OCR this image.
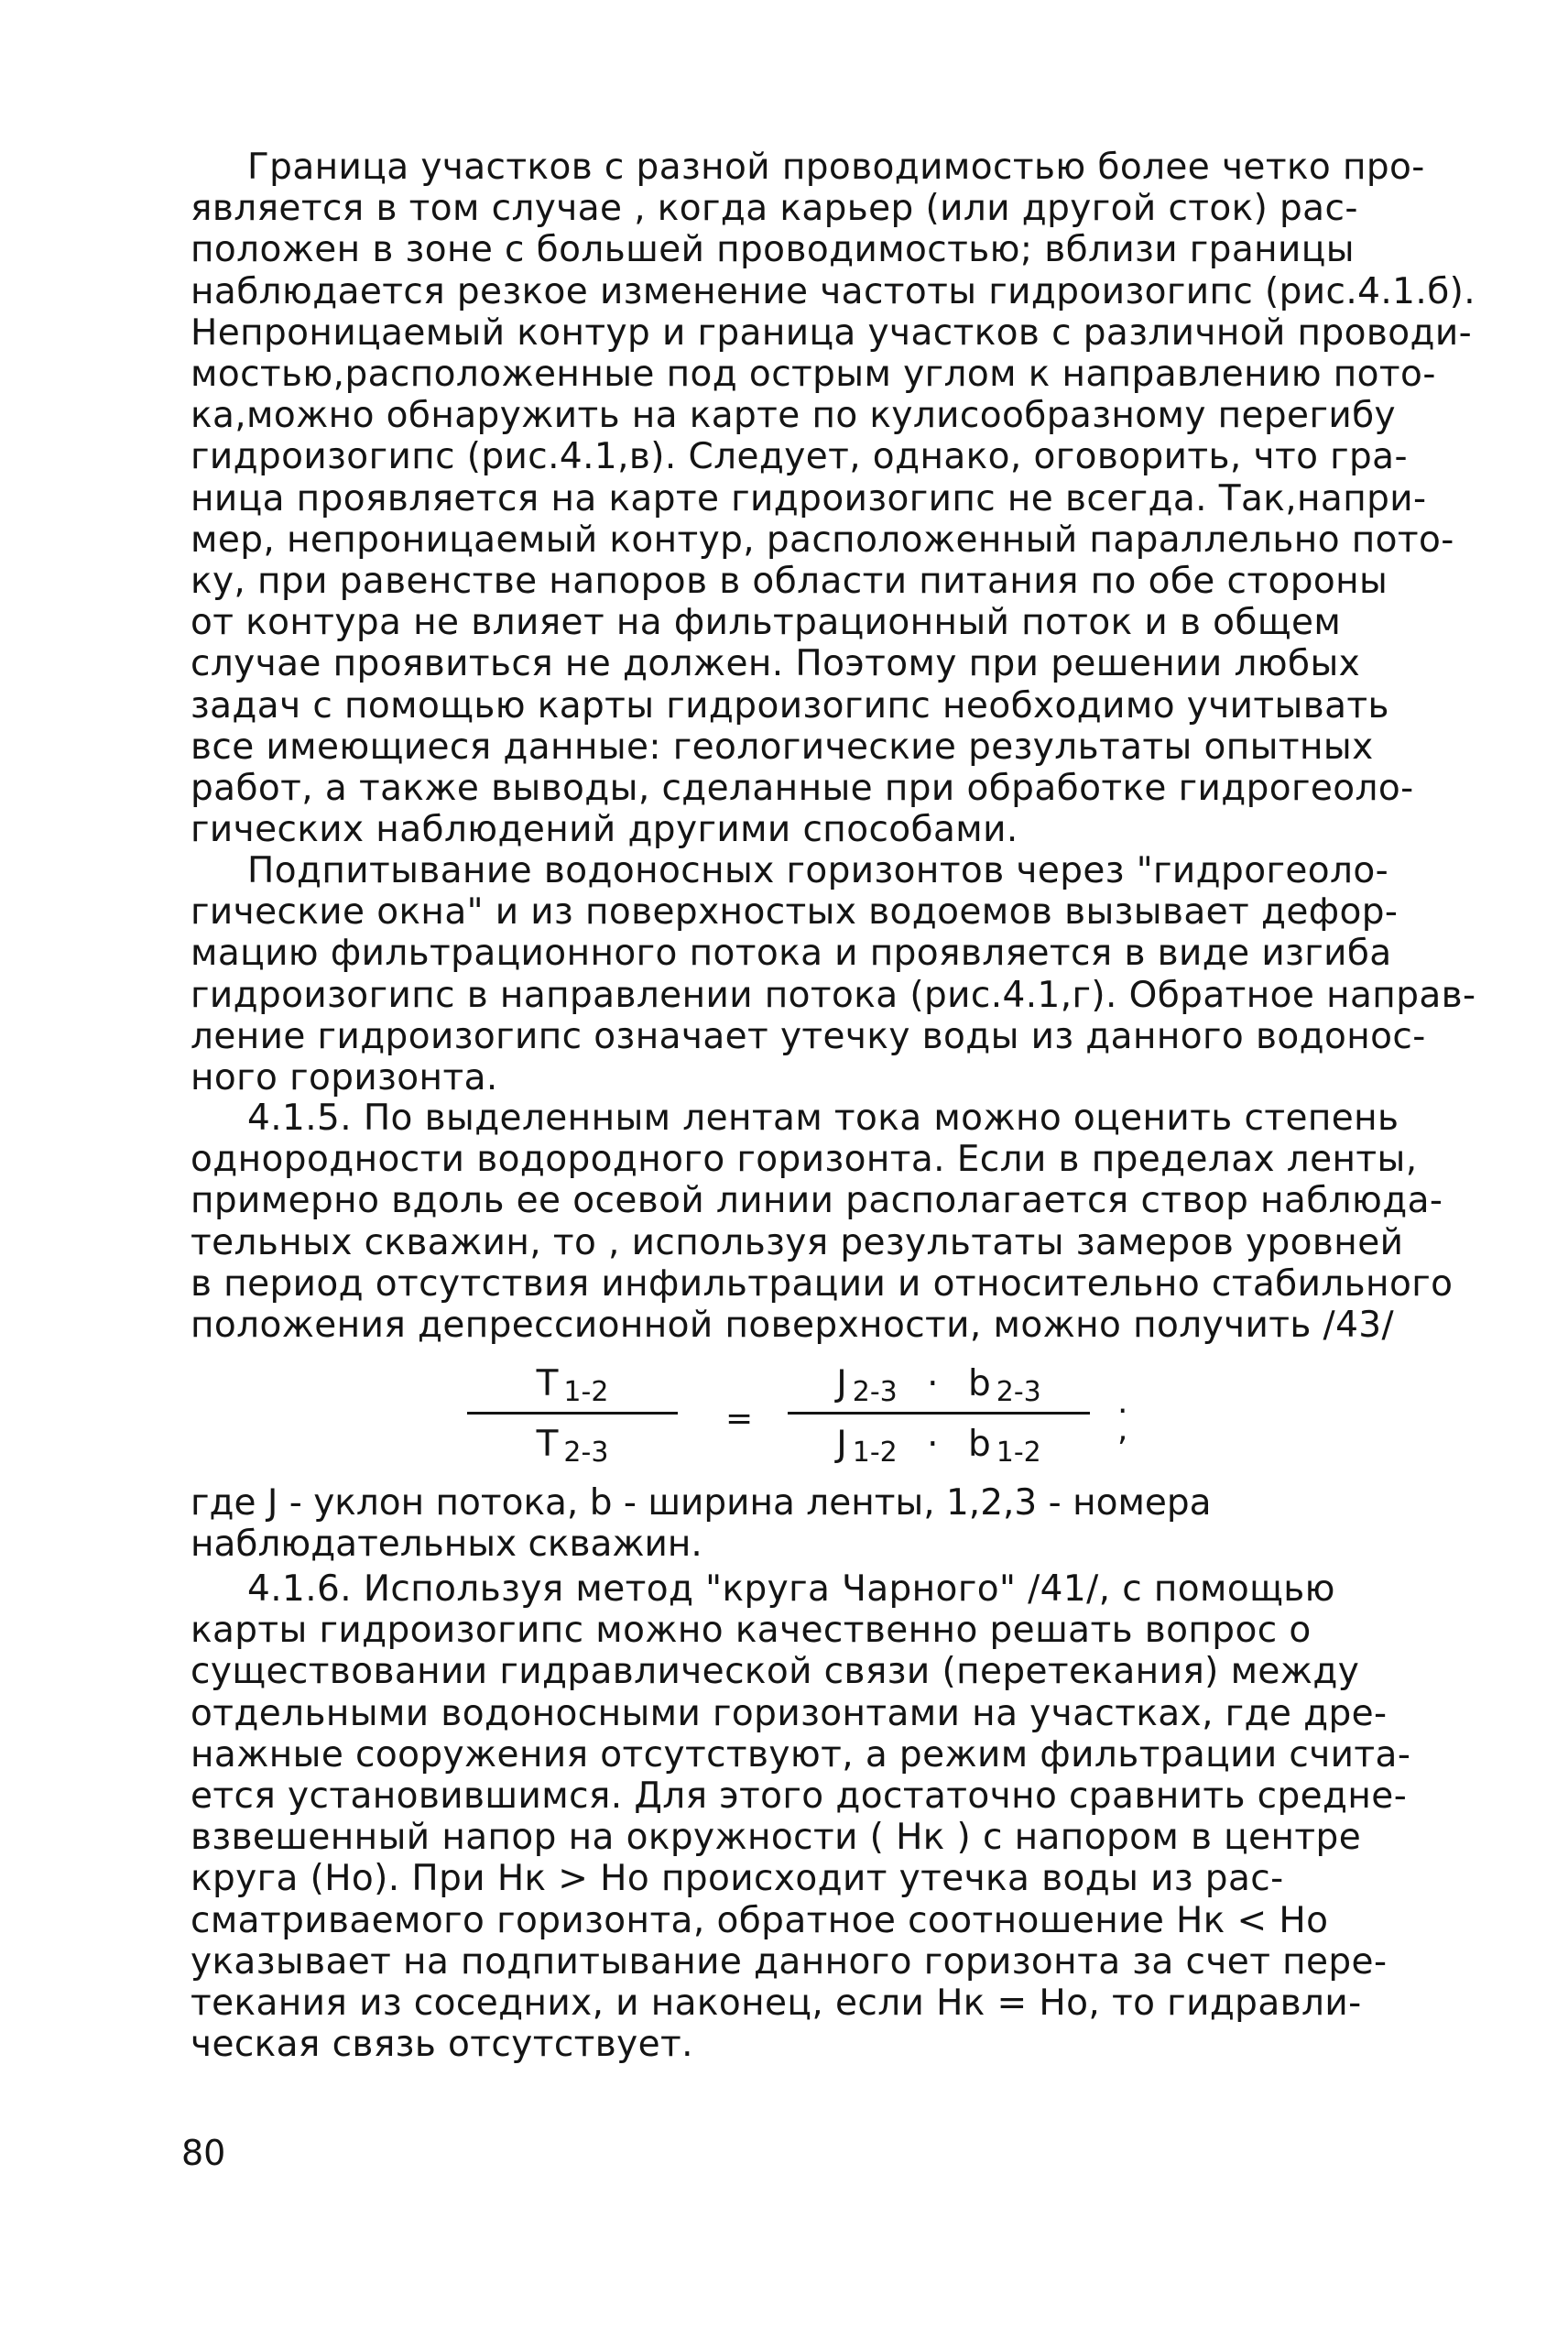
Граница участков с разной проводимостью более четко про-
является в том случае , когда карьер (или другой сток) рас-
положен в зоне с большей проводимостью; вблизи границы
наблюдается резкое изменение частоты гидроизогипс (рис.4.1.б).
Непроницаемый контур и граница участков с различной проводи-
мостью,расположенные под острым углом к направлению пото-
ка,можно обнаружить на карте по кулисообразному перегибу
гидроизогипс (рис.4.1,в). Следует, однако, оговорить, что гра-
ница проявляется на карте гидроизогипс не всегда. Так,напри-
мер, непроницаемый контур, расположенный параллельно пото-
ку, при равенстве напоров в области питания по обе стороны
от контура не влияет на фильтрационный поток и в общем
случае проявиться не должен. Поэтому при решении любых
задач с помощью карты гидроизогипс необходимо учитывать
все имеющиеся данные: геологические результаты опытных
работ, а также выводы, сделанные при обработке гидрогеоло-
гических наблюдений другими способами.
Подпитывание водоносных горизонтов через "гидрогеоло-
гические окна" и из поверхностых водоемов вызывает дефор-
мацию фильтрационного потока и проявляется в виде изгиба
гидроизогипс в направлении потока (рис.4.1,г). Обратное направ-
ление гидроизогипс означает утечку воды из данного водонос-
ного горизонта.
4.1.5. По выделенным лентам тока можно оценить степень
однородности водородного горизонта. Если в пределах ленты,
примерно вдоль ее осевой линии располагается створ наблюда-
тельных скважин, то , используя результаты замеров уровней
в период отсутствия инфильтрации и относительно стабильного
положения депрессионной поверхности, можно получить /43/
T 1-2
T 2-3
=
J 2-3 · b 2-3
J 1-2 · b 1-2
. ,
где J - уклон потока, b - ширина ленты, 1,2,3 - номера
наблюдательных скважин.
4.1.6. Используя метод "круга Чарного" /41/, с помощью
карты гидроизогипс можно качественно решать вопрос о
существовании гидравлической связи (перетекания) между
отдельными водоносными горизонтами на участках, где дре-
нажные сооружения отсутствуют, а режим фильтрации счита-
ется установившимся. Для этого достаточно сравнить средне-
взвешенный напор на окружности ( Hк ) с напором в центре
круга (Ho). При Hк > Ho происходит утечка воды из рас-
сматриваемого горизонта, обратное соотношение Hк < Ho
указывает на подпитывание данного горизонта за счет пере-
текания из соседних, и наконец, если Hк = Ho, то гидравли-
ческая связь отсутствует.
80
